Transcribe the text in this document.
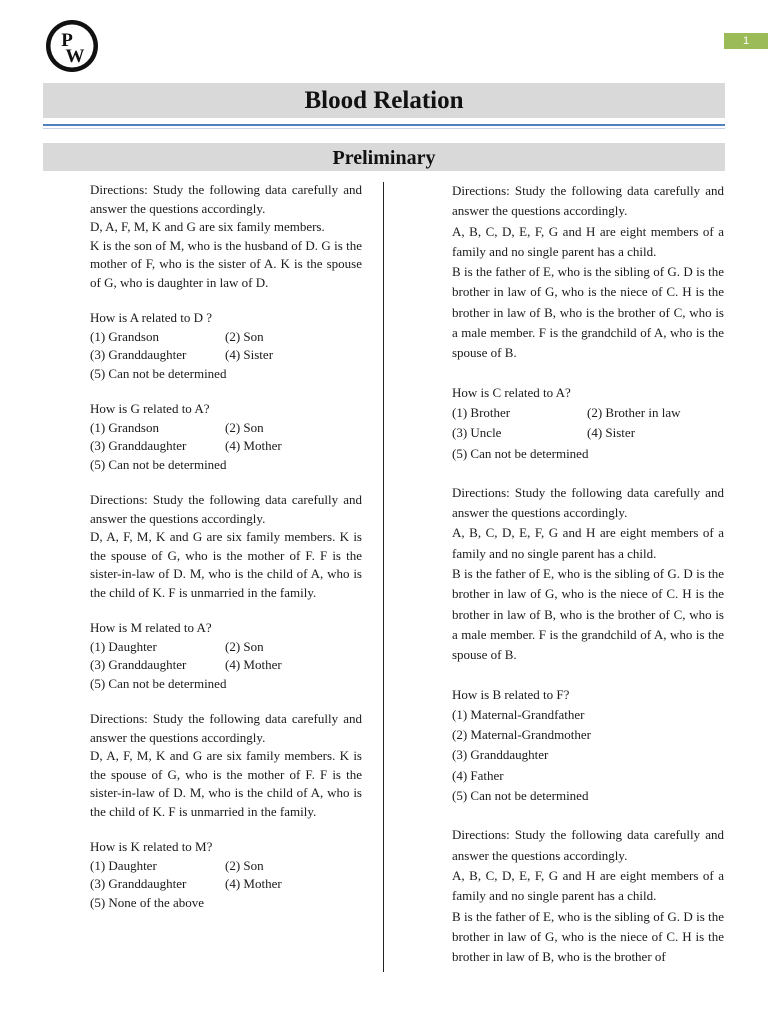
P
W
1
Blood Relation
Preliminary

Directions: Study the following data carefully and answer the questions accordingly.

D, A, F, M, K and G are six family members.

K is the son of M, who is the husband of D. G is the mother of F, who is the sister of A. K is the spouse of G, who is daughter in law of D.

How is A related to D ?

(1) Grandson	(2) Son
(3) Granddaughter	(4) Sister
(5) Can not be determined

How is G related to A?

(1) Grandson	(2) Son
(3) Granddaughter	(4) Mother
(5) Can not be determined

Directions: Study the following data carefully and answer the questions accordingly.

D, A, F, M, K and G are six family members. K is the spouse of G, who is the mother of F. F is the sister-in-law of D. M, who is the child of A, who is the child of K. F is unmarried in the family.

How is M related to A?

(1) Daughter	(2) Son
(3) Granddaughter	(4) Mother
(5) Can not be determined

Directions: Study the following data carefully and answer the questions accordingly.

D, A, F, M, K and G are six family members. K is the spouse of G, who is the mother of F. F is the sister-in-law of D. M, who is the child of A, who is the child of K. F is unmarried in the family.

How is K related to M?

(1) Daughter	(2) Son
(3) Granddaughter	(4) Mother
(5) None of the above

Directions: Study the following data carefully and answer the questions accordingly.

A, B, C, D, E, F, G and H are eight members of a family and no single parent has a child.

B is the father of E, who is the sibling of G. D is the brother in law of G, who is the niece of C. H is the brother in law of B, who is the brother of C, who is a male member. F is the grandchild of A, who is the spouse of B.

How is C related to A?

(1) Brother	(2) Brother in law
(3) Uncle	(4) Sister
(5) Can not be determined

Directions: Study the following data carefully and answer the questions accordingly.

A, B, C, D, E, F, G and H are eight members of a family and no single parent has a child.

B is the father of E, who is the sibling of G. D is the brother in law of G, who is the niece of C. H is the brother in law of B, who is the brother of C, who is a male member. F is the grandchild of A, who is the spouse of B.

How is B related to F?

(1) Maternal-Grandfather
(2) Maternal-Grandmother
(3) Granddaughter
(4) Father
(5) Can not be determined

Directions: Study the following data carefully and answer the questions accordingly.

A, B, C, D, E, F, G and H are eight members of a family and no single parent has a child.

B is the father of E, who is the sibling of G. D is the brother in law of G, who is the niece of C. H is the brother in law of B, who is the brother of
